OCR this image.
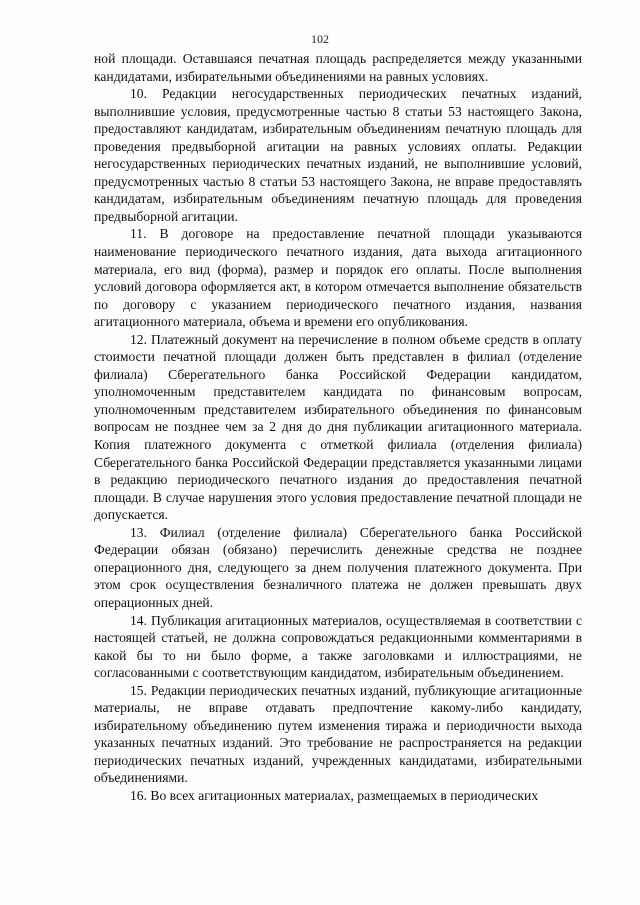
102

ной площади. Оставшаяся печатная площадь распределяется между указанными кандидатами, избирательными объединениями на равных условиях.

10. Редакции негосударственных периодических печатных изданий, выполнившие условия, предусмотренные частью 8 статьи 53 настоящего Закона, предоставляют кандидатам, избирательным объединениям печатную площадь для проведения предвыборной агитации на равных условиях оплаты. Редакции негосударственных периодических печатных изданий, не выполнившие условий, предусмотренных частью 8 статьи 53 настоящего Закона, не вправе предоставлять кандидатам, избирательным объединениям печатную площадь для проведения предвыборной агитации.

11. В договоре на предоставление печатной площади указываются наименование периодического печатного издания, дата выхода агитационного материала, его вид (форма), размер и порядок его оплаты. После выполнения условий договора оформляется акт, в котором отмечается выполнение обязательств по договору с указанием периодического печатного издания, названия агитационного материала, объема и времени его опубликования.

12. Платежный документ на перечисление в полном объеме средств в оплату стоимости печатной площади должен быть представлен в филиал (отделение филиала) Сберегательного банка Российской Федерации кандидатом, уполномоченным представителем кандидата по финансовым вопросам, уполномоченным представителем избирательного объединения по финансовым вопросам не позднее чем за 2 дня до дня публикации агитационного материала. Копия платежного документа с отметкой филиала (отделения филиала) Сберегательного банка Российской Федерации представляется указанными лицами в редакцию периодического печатного издания до предоставления печатной площади. В случае нарушения этого условия предоставление печатной площади не допускается.

13. Филиал (отделение филиала) Сберегательного банка Российской Федерации обязан (обязано) перечислить денежные средства не позднее операционного дня, следующего за днем получения платежного документа. При этом срок осуществления безналичного платежа не должен превышать двух операционных дней.

14. Публикация агитационных материалов, осуществляемая в соответствии с настоящей статьей, не должна сопровождаться редакционными комментариями в какой бы то ни было форме, а также заголовками и иллюстрациями, не согласованными с соответствующим кандидатом, избирательным объединением.

15. Редакции периодических печатных изданий, публикующие агитационные материалы, не вправе отдавать предпочтение какому-либо кандидату, избирательному объединению путем изменения тиража и периодичности выхода указанных печатных изданий. Это требование не распространяется на редакции периодических печатных изданий, учрежденных кандидатами, избирательными объединениями.

16. Во всех агитационных материалах, размещаемых в периодических
